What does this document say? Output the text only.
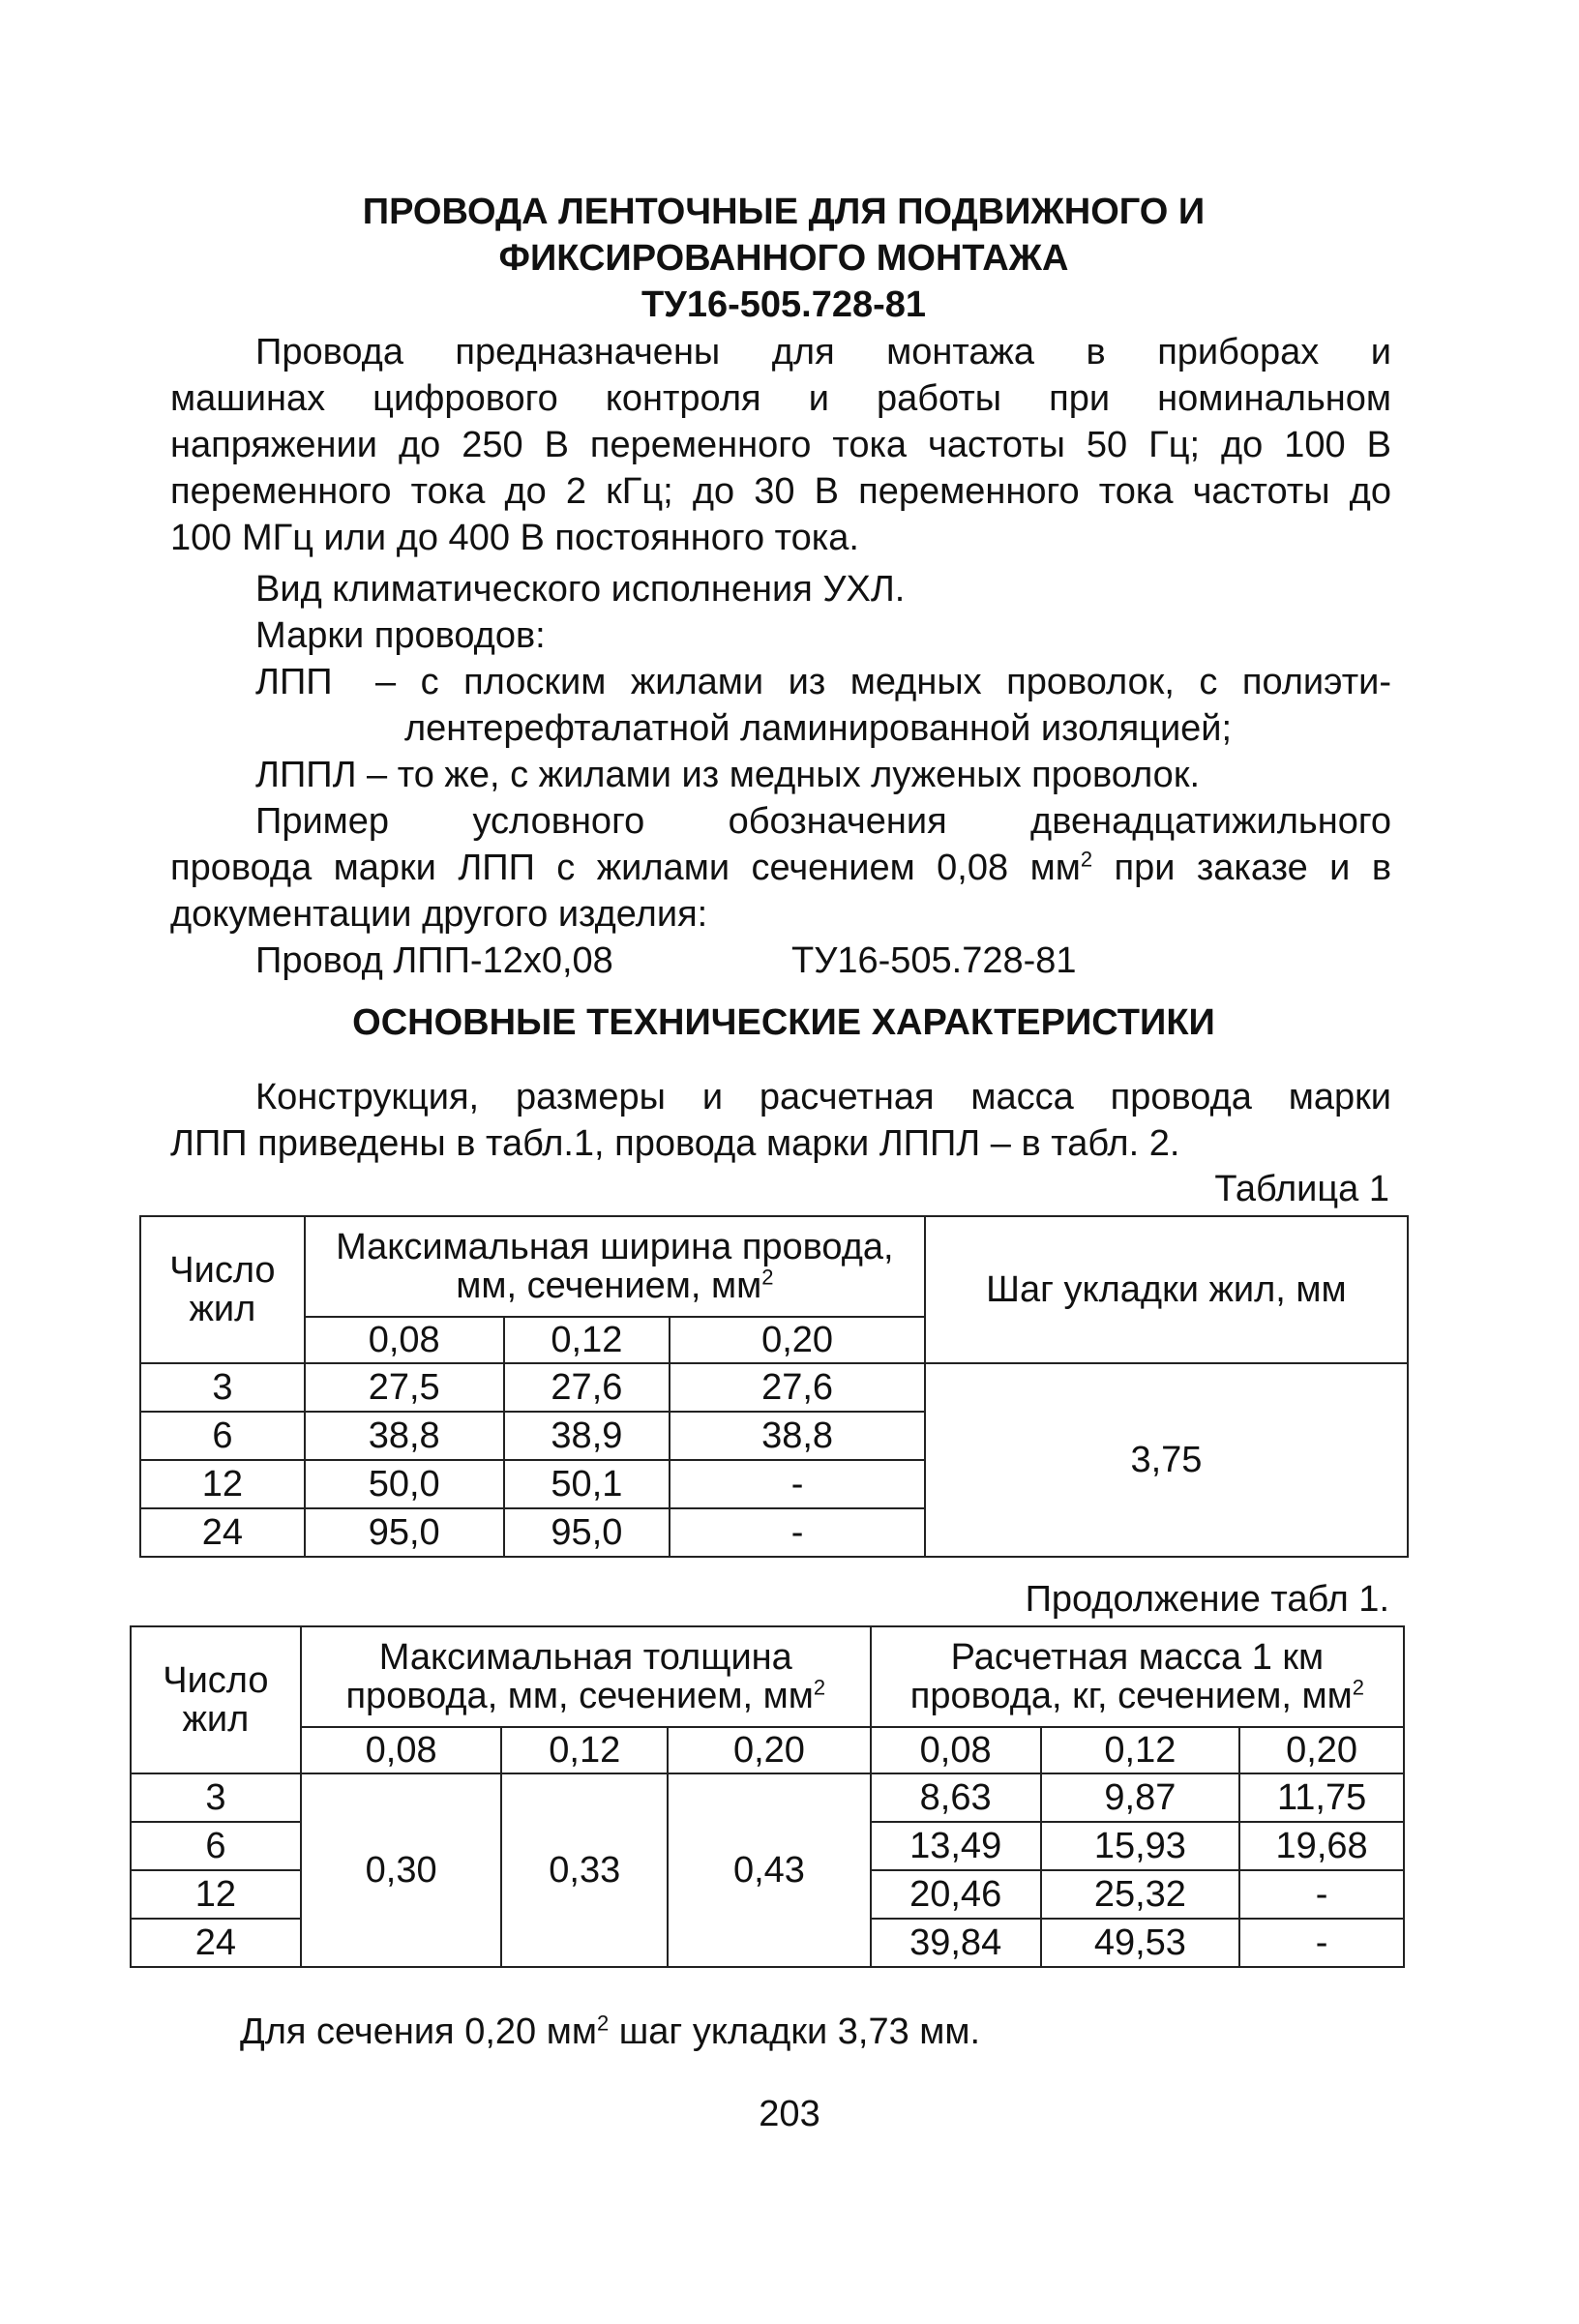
ПРОВОДА ЛЕНТОЧНЫЕ ДЛЯ ПОДВИЖНОГО И
ФИКСИРОВАННОГО МОНТАЖА
ТУ16-505.728-81
Провода предназначены для монтажа в приборах и
машинах цифрового контроля и работы при номинальном
напряжении до 250 В переменного тока частоты 50 Гц; до 100 В
переменного тока до 2 кГц; до 30 В переменного тока частоты до
100 МГц или до 400 В постоянного тока.
Вид климатического исполнения УХЛ.
Марки проводов:
ЛПП – с плоским жилами из медных проволок, с полиэти-
лентерефталатной ламинированной изоляцией;
ЛППЛ – то же, с жилами из медных луженых проволок.
Пример условного обозначения двенадцатижильного
провода марки ЛПП с жилами сечением 0,08 $мм^2$ при заказе и в
документации другого изделия:
Провод ЛПП-12х0,08	ТУ16-505.728-81
ОСНОВНЫЕ ТЕХНИЧЕСКИЕ ХАРАКТЕРИСТИКИ
Конструкция, размеры и расчетная масса провода марки
ЛПП приведены в табл.1, провода марки ЛППЛ – в табл. 2.
Таблица 1
Число жил	Максимальная ширина провода, мм, сечением, $мм^2$			Шаг укладки жил, мм
	0,08	0,12	0,20	
3	27,5	27,6	27,6	3,75
6	38,8	38,9	38,8	
12	50,0	50,1	-	
24	95,0	95,0	-	
Продолжение табл 1.
Число жил	Максимальная толщина провода, мм, сечением, $мм^2$			Расчетная масса 1 км провода, кг, сечением, $мм^2$
	0,08	0,12	0,20	0,08	0,12	0,20
3	0,30	0,33	0,43	8,63	9,87	11,75
6				13,49	15,93	19,68
12				20,46	25,32	-
24				39,84	49,53	-
Для сечения 0,20 $мм^2$ шаг укладки 3,73 мм.
203
